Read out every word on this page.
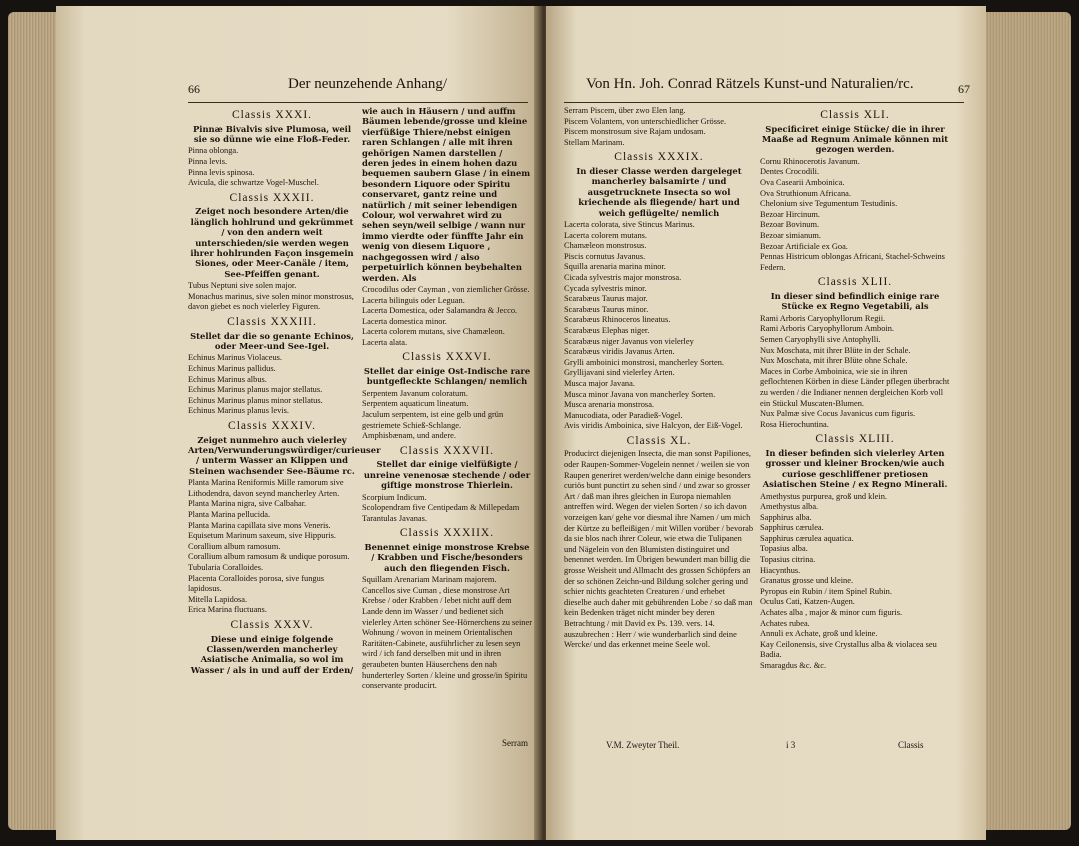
66	Der neunzehende Anhang/
Classis XXXI.
Pinnæ Bivalvis sive Plumosa, weil sie so dünne wie eine Floß-Feder.
Pinna oblonga.
Pinna levis.
Pinna levis spinosa.
Avicula, die schwartze Vogel-Muschel.
Classis XXXII.
Zeiget noch besondere Arten/die länglich hohlrund und gekrümmet / von den andern weit unterschieden/sie werden wegen ihrer hohlrunden Façon insgemein Siones, oder Meer-Canäle / item, See-Pfeiffen genant.
Tubus Neptuni sive solen major.
Monachus marinus, sive solen minor monstrosus, davon giebet es noch vielerley Figuren.
Classis XXXIII.
Stellet dar die so genante Echinos, oder Meer-und See-Igel.
Echinus Marinus Violaceus.
Echinus Marinus pallidus.
Echinus Marinus albus.
Echinus Marinus planus major stellatus.
Echinus Marinus planus minor stellatus.
Echinus Marinus planus levis.
Classis XXXIV.
Zeiget nunmehro auch vielerley Arten/Verwunderungswürdiger/curieuser / unterm Wasser an Klippen und Steinen wachsender See-Bäume rc.
Planta Marina Reniformis Mille ramorum sive Lithodendra, davon seynd mancherley Arten.
Planta Marina nigra, sive Calbahar.
Planta Marina pellucida.
Planta Marina capillata sive mons Veneris.
Equisetum Marinum saxeum, sive Hippuris.
Corallium album ramosum.
Corallium album ramosum & undique porosum.
Tubularia Coralloides.
Placenta Coralloides porosa, sive fungus lapidosus.
Mitella Lapidosa.
Erica Marina fluctuans.
Classis XXXV.
Diese und einige folgende Classen/werden mancherley Asiatische Animalia, so wol im Wasser / als in und auff der Erden/
wie auch in Häusern / und auffm Bäumen lebende/grosse und kleine vierfüßige Thiere/nebst einigen raren Schlangen / alle mit ihren gehörigen Namen darstellen / deren jedes in einem hohen dazu bequemen saubern Glase / in einem besondern Liquore oder Spiritu conservaret, gantz reine und natürlich / mit seiner lebendigen Colour, wol verwahret wird zu sehen seyn/weil selbige / wann nur immo vierdte oder fünffte Jahr ein wenig von diesem Liquore , nachgegossen wird / also perpetuirlich können beybehalten werden. Als
Crocodilus oder Cayman , von ziemlicher Grösse.
Lacerta bilinguis oder Leguan.
Lacerta Domestica, oder Salamandra & Jecco.
Lacerta domestica minor.
Lacerta colorem mutans, sive Chamæleon.
Lacerta alata.
Classis XXXVI.
Stellet dar einige Ost-Indische rare buntgefleckte Schlangen/ nemlich
Serpentem Javanum coloratum.
Serpentem aquaticum lineatum.
Jaculum serpentem, ist eine gelb und grün gestriemete Schieß-Schlange.
Amphisbænam, und andere.
Classis XXXVII.
Stellet dar einige vielfüßigte / unreine venenosæ stechende / oder giftige monstrose Thierlein.
Scorpium Indicum.
Scolopendram five Centipedam & Millepedam
Tarantulas Javanas.
Classis XXXIIX.
Benennet einige monstrose Krebse / Krabben und Fische/besonders auch den fliegenden Fisch.
Squillam Arenariam Marinam majorem.
Cancellos sive Cuman , diese monstrose Art Krebse / oder Krabben / lebet nicht auff dem Lande denn im Wasser / und bedienet sich vielerley Arten schöner See-Hörnerchens zu seiner Wohnung / wovon in meinem Orientalischen Raritäten-Cabinete, ausführlicher zu lesen seyn wird / ich fand derselben mit und in ihren geraubeten bunten Häuserchens den nah hunderterley Sorten / kleine und grosse/in Spiritu conservante producirt.
Serram
Von Hn. Joh. Conrad Rätzels Kunst-und Naturalien/rc.	67
Serram Piscem, über zwo Elen lang.
Piscem Volantem, von unterschiedlicher Grösse.
Piscem monstrosum sive Rajam undosam.
Stellam Marinam.
Classis XXXIX.
In dieser Classe werden dargeleget mancherley balsamirte / und ausgetrucknete Insecta so wol kriechende als fliegende/ hart und weich geflügelte/ nemlich
Lacerta colorata, sive Stincus Marinus.
Lacerta colorem mutans.
Chamæleon monstrosus.
Piscis cornutus Javanus.
Squilla arenaria marina minor.
Cicada sylvestris major monstrosa.
Cycada sylvestris minor.
Scarabæus Taurus major.
Scarabæus Taurus minor.
Scarabæus Rhinoceros lineatus.
Scarabæus Elephas niger.
Scarabæus niger Javanus von vielerley
Scarabæus viridis Javanus Arten.
Grylli amboinici monstrosi, mancherley Sorten.
Gryllijavani sind vielerley Arten.
Musca major Javana.
Musca minor Javana von mancherley Sorten.
Musca arenaria monstrosa.
Manucodiata, oder Paradieß-Vogel.
Avis viridis Amboinica, sive Halcyon, der Eiß-Vogel.
Classis XL.
Producirct diejenigen Insecta, die man sonst Papiliones, oder Raupen-Sommer-Vogelein nennet / weilen sie von Raupen generiret werden/welche dann einige besonders curiös bunt punctirt zu sehen sind / und zwar so grosser Art / daß man ihres gleichen in Europa niemahlen antreffen wird. Wegen der vielen Sorten / so ich davon vorzeigen kan/ gehe vor diesmal ihre Namen / um mich der Kürtze zu befleißigen / mit Willen vorüber / bevorab da sie blos nach ihrer Coleur, wie etwa die Tulipanen und Nägelein von den Blumisten distinguiret und benennet werden. Im Übrigen bewundert man billig die grosse Weisheit und Allmacht des grossen Schöpfers an der so schönen Zeichn-und Bildung solcher gering und schier nichts geachteten Creaturen / und erhebet dieselbe auch daher mit gebührenden Lobe / so daß man kein Bedenken träget nicht minder bey deren Betrachtung / mit David ex Ps. 139. vers. 14. auszubrechen : Herr / wie wunderbarlich sind deine Wercke/ und das erkennet meine Seele wol.
Classis XLI.
Specificiret einige Stücke/ die in ihrer Maaße ad Regnum Animale können mit gezogen werden.
Cornu Rhinocerotis Javanum.
Dentes Crocodili.
Ova Casearii Amboinica.
Ova Struthionum Africana.
Chelonium sive Tegumentum Testudinis.
Bezoar Hircinum.
Bezoar Bovinum.
Bezoar simianum.
Bezoar Artificiale ex Goa.
Pennas Histricum oblongas Africani, Stachel-Schweins Federn.
Classis XLII.
In dieser sind befindlich einige rare Stücke ex Regno Vegetabili, als
Rami Arboris Caryophyllorum Regii.
Rami Arboris Caryophyllorum Amboin.
Semen Caryophylli sive Antophylli.
Nux Moschata, mit ihrer Blüte in der Schale.
Nux Moschata, mit ihrer Blüte ohne Schale.
Maces in Corbe Amboinica, wie sie in ihren geflochtenen Körben in diese Länder pflegen überbracht zu werden / die Indianer nennen dergleichen Korb voll ein Stückul Muscaten-Blumen.
Nux Palmæ sive Cocus Javanicus cum figuris.
Rosa Hierochuntina.
Classis XLIII.
In dieser befinden sich vielerley Arten grosser und kleiner Brocken/wie auch curiose geschliffener pretiosen Asiatischen Steine / ex Regno Minerali.
Amethystus purpurea, groß und klein.
Amethystus alba.
Sapphirus alba.
Sapphirus cærulea.
Sapphirus cærulea aquatica.
Topasius alba.
Topasius citrina.
Hiacynthus.
Granatus grosse und kleine.
Pyropus ein Rubin / item Spinel Rubin.
Oculus Cati, Katzen-Augen.
Achates alba , major & minor cum figuris.
Achates rubea.
Annuli ex Achate, groß und kleine.
Kay Ceilonensis, sive Crystallus alba & violacea seu Badia.
Smaragdus &c. &c.
V.M. Zweyter Theil.	i 3	Classis
